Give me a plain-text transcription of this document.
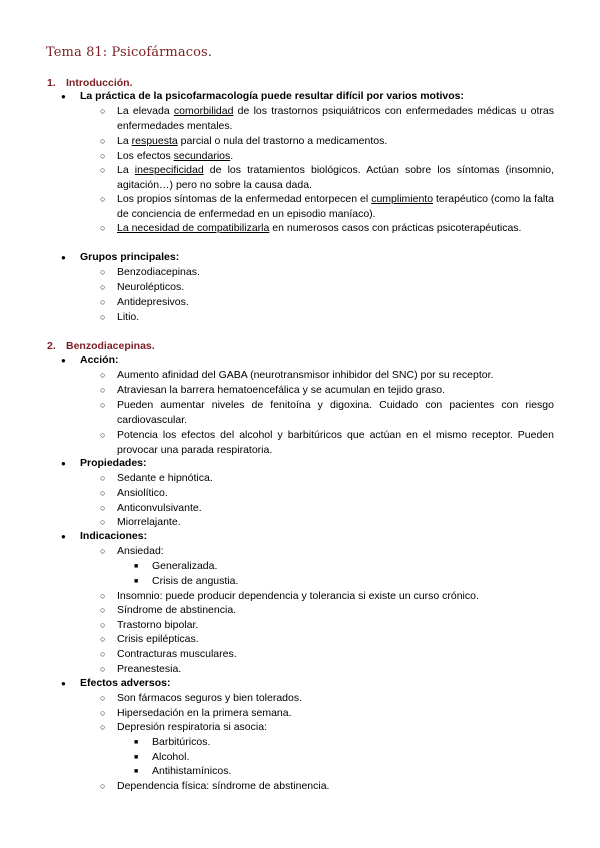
Tema 81: Psicofármacos.
1. Introducción.
● La práctica de la psicofarmacología puede resultar difícil por varios motivos:
○ La elevada comorbilidad de los trastornos psiquiátricos con enfermedades médicas u otras enfermedades mentales.
○ La respuesta parcial o nula del trastorno a medicamentos.
○ Los efectos secundarios.
○ La inespecificidad de los tratamientos biológicos. Actúan sobre los síntomas (insomnio, agitación…) pero no sobre la causa dada.
○ Los propios síntomas de la enfermedad entorpecen el cumplimiento terapéutico (como la falta de conciencia de enfermedad en un episodio maníaco).
○ La necesidad de compatibilizarla en numerosos casos con prácticas psicoterapéuticas.
● Grupos principales:
○ Benzodiacepinas.
○ Neurolépticos.
○ Antidepresivos.
○ Litio.
2. Benzodiacepinas.
● Acción:
○ Aumento afinidad del GABA (neurotransmisor inhibidor del SNC) por su receptor.
○ Atraviesan la barrera hematoencefálica y se acumulan en tejido graso.
○ Pueden aumentar niveles de fenitoína y digoxina. Cuidado con pacientes con riesgo cardiovascular.
○ Potencia los efectos del alcohol y barbitúricos que actúan en el mismo receptor. Pueden provocar una parada respiratoria.
● Propiedades:
○ Sedante e hipnótica.
○ Ansiolítico.
○ Anticonvulsivante.
○ Miorrelajante.
● Indicaciones:
○ Ansiedad:
■ Generalizada.
■ Crisis de angustia.
○ Insomnio: puede producir dependencia y tolerancia si existe un curso crónico.
○ Síndrome de abstinencia.
○ Trastorno bipolar.
○ Crisis epilépticas.
○ Contracturas musculares.
○ Preanestesia.
● Efectos adversos:
○ Son fármacos seguros y bien tolerados.
○ Hipersedación en la primera semana.
○ Depresión respiratoria si asocia:
■ Barbitúricos.
■ Alcohol.
■ Antihistamínicos.
○ Dependencia física: síndrome de abstinencia.
